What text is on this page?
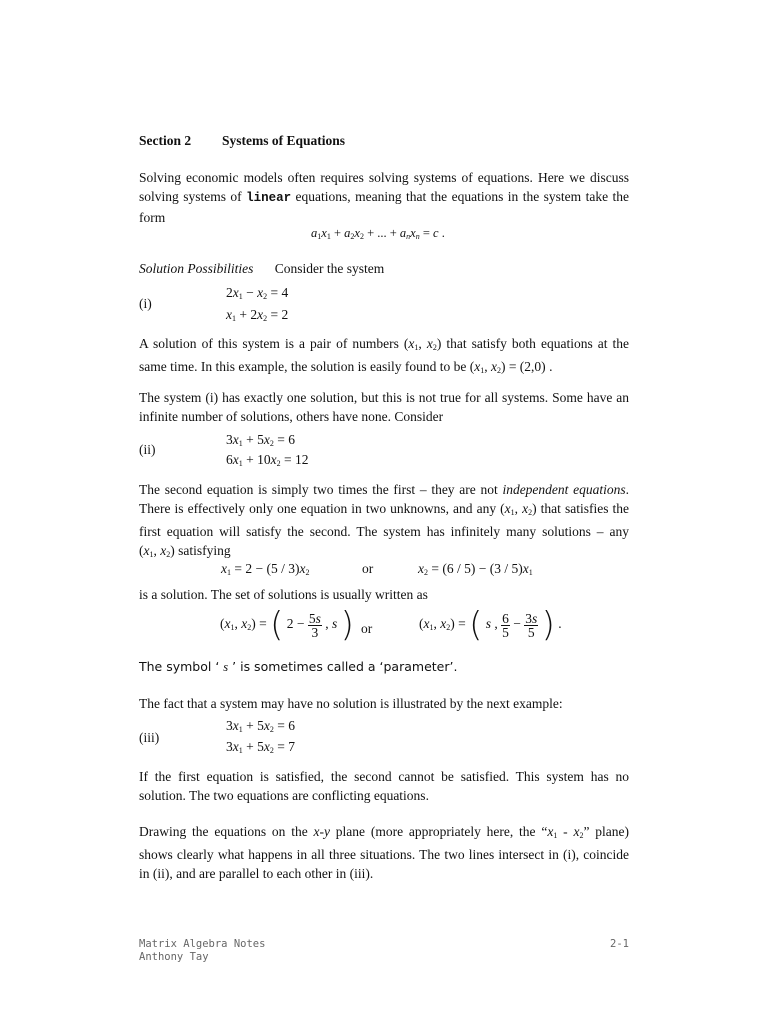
Section 2 Systems of Equations
Solving economic models often requires solving systems of equations. Here we discuss solving systems of linear equations, meaning that the equations in the system take the form
$a_1x_1 + a_2x_2$ + ... + $a_nx_n = c$ .
Solution Possibilities Consider the system
(i)
$2x_1 - x_2 = 4$
$x_1 + 2x_2 = 2$
A solution of this system is a pair of numbers ($x_1$, $x_2$) that satisfy both equations at the same time. In this example, the solution is easily found to be ($x_1$, $x_2) = (2,0)$ .
The system (i) has exactly one solution, but this is not true for all systems. Some have an infinite number of solutions, others have none. Consider
(ii)
$3x_1 + 5x_2 = 6$
$6x_1 + 10x_2 = 12$
The second equation is simply two times the first – they are not independent equations. There is effectively only one equation in two unknowns, and any ($x_1$, $x_2$) that satisfies the first equation will satisfy the second. The system has infinitely many solutions – any ($x_1$, $x_2$) satisfying
$x_1 = 2 - (5 / 3)x_2$	or	$x_2 = (6 / 5) - (3 / 5)x_1$
is a solution. The set of solutions is usually written as
($x_1$, $x_2$) = ( $2 - \frac{5s}{3}$ , s ) or	($x_1$, $x_2$) = ( s , $\frac{6}{5} - \frac{3s}{5}$ ) .
The symbol ‘ s ’ is sometimes called a ‘parameter’.
The fact that a system may have no solution is illustrated by the next example:
(iii)
$3x_1 + 5x_2 = 6$
$3x_1 + 5x_2 = 7$
If the first equation is satisfied, the second cannot be satisfied. This system has no solution. The two equations are conflicting equations.
Drawing the equations on the x-y plane (more appropriately here, the “$x_1 - x_2$” plane) shows clearly what happens in all three situations. The two lines intersect in (i), coincide in (ii), and are parallel to each other in (iii).
Matrix Algebra Notes
Anthony Tay
2-1
